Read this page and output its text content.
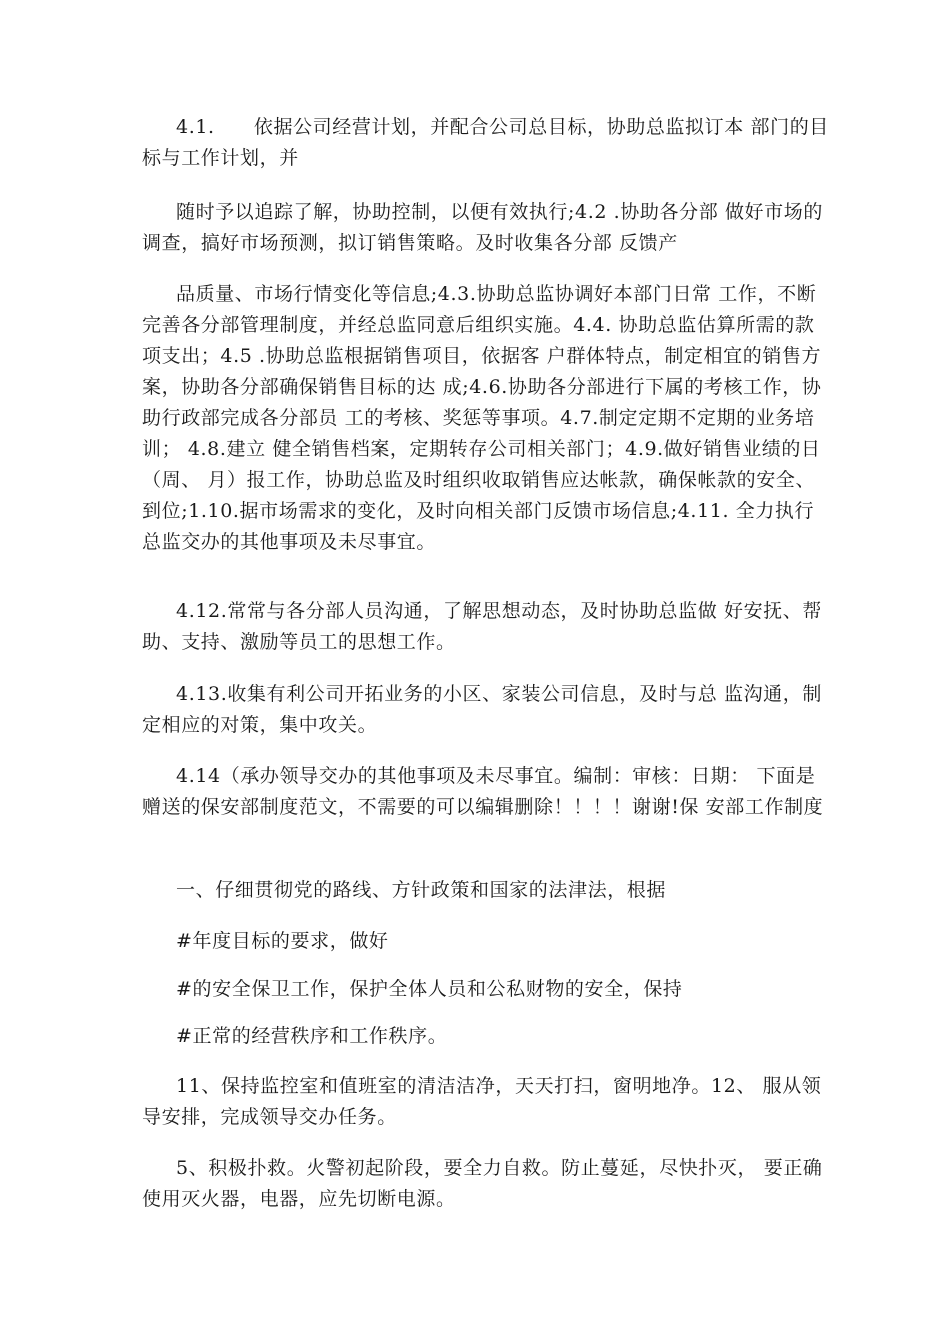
4.1.　　依据公司经营计划，并配合公司总目标，协助总监拟订本 部门的目标与工作计划，并

随时予以追踪了解，协助控制，以便有效执行;4.2 .协助各分部 做好市场的调查，搞好市场预测，拟订销售策略。及时收集各分部 反馈产

品质量、市场行情变化等信息;4.3.协助总监协调好本部门日常 工作，不断完善各分部管理制度，并经总监同意后组织实施。4.4. 协助总监估算所需的款项支出；4.5 .协助总监根据销售项目，依据客 户群体特点，制定相宜的销售方案，协助各分部确保销售目标的达 成;4.6.协助各分部进行下属的考核工作，协助行政部完成各分部员 工的考核、奖惩等事项。4.7.制定定期不定期的业务培训； 4.8.建立 健全销售档案，定期转存公司相关部门；4.9.做好销售业绩的日（周、 月）报工作，协助总监及时组织收取销售应达帐款，确保帐款的安全、 到位;1.10.据市场需求的变化，及时向相关部门反馈市场信息;4.11. 全力执行总监交办的其他事项及未尽事宜。

4.12.常常与各分部人员沟通，了解思想动态，及时协助总监做 好安抚、帮助、支持、激励等员工的思想工作。

4.13.收集有利公司开拓业务的小区、家装公司信息，及时与总 监沟通，制定相应的对策，集中攻关。

4.14（承办领导交办的其他事项及未尽事宜。编制：审核：日期： 下面是赠送的保安部制度范文，不需要的可以编辑删除！！！！谢谢!保 安部工作制度

一、仔细贯彻党的路线、方针政策和国家的法津法，根据

#年度目标的要求，做好

#的安全保卫工作，保护全体人员和公私财物的安全，保持

#正常的经营秩序和工作秩序。

11、保持监控室和值班室的清洁洁净，天天打扫，窗明地净。12、 服从领导安排，完成领导交办任务。

5、积极扑救。火警初起阶段，要全力自救。防止蔓延，尽快扑灭， 要正确使用灭火器，电器，应先切断电源。
